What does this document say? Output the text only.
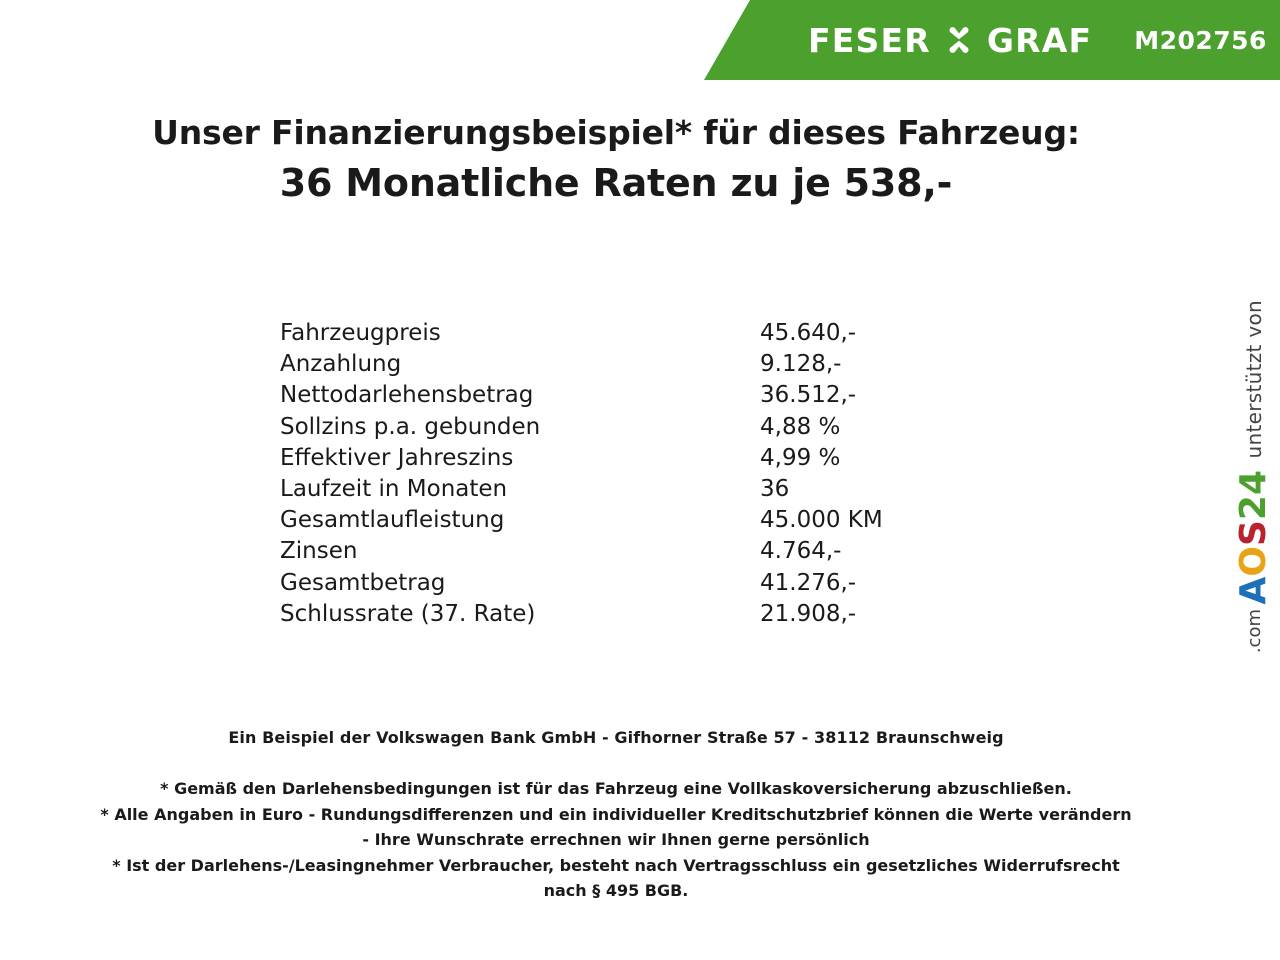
FESER GRAF M202756
Unser Finanzierungsbeispiel* für dieses Fahrzeug:
36 Monatliche Raten zu je 538,-
Fahrzeugpreis	45.640,-
Anzahlung	9.128,-
Nettodarlehensbetrag	36.512,-
Sollzins p.a. gebunden	4,88 %
Effektiver Jahreszins	4,99 %
Laufzeit in Monaten	36
Gesamtlaufleistung	45.000 KM
Zinsen	4.764,-
Gesamtbetrag	41.276,-
Schlussrate (37. Rate)	21.908,-
Ein Beispiel der Volkswagen Bank GmbH - Gifhorner Straße 57 - 38112 Braunschweig

* Gemäß den Darlehensbedingungen ist für das Fahrzeug eine Vollkaskoversicherung abzuschließen.

* Alle Angaben in Euro - Rundungsdifferenzen und ein individueller Kreditschutzbrief können die Werte verändern

- Ihre Wunschrate errechnen wir Ihnen gerne persönlich

* Ist der Darlehens-/Leasingnehmer Verbraucher, besteht nach Vertragsschluss ein gesetzliches Widerrufsrecht

nach § 495 BGB.

unterstützt von
AOS24
.com
